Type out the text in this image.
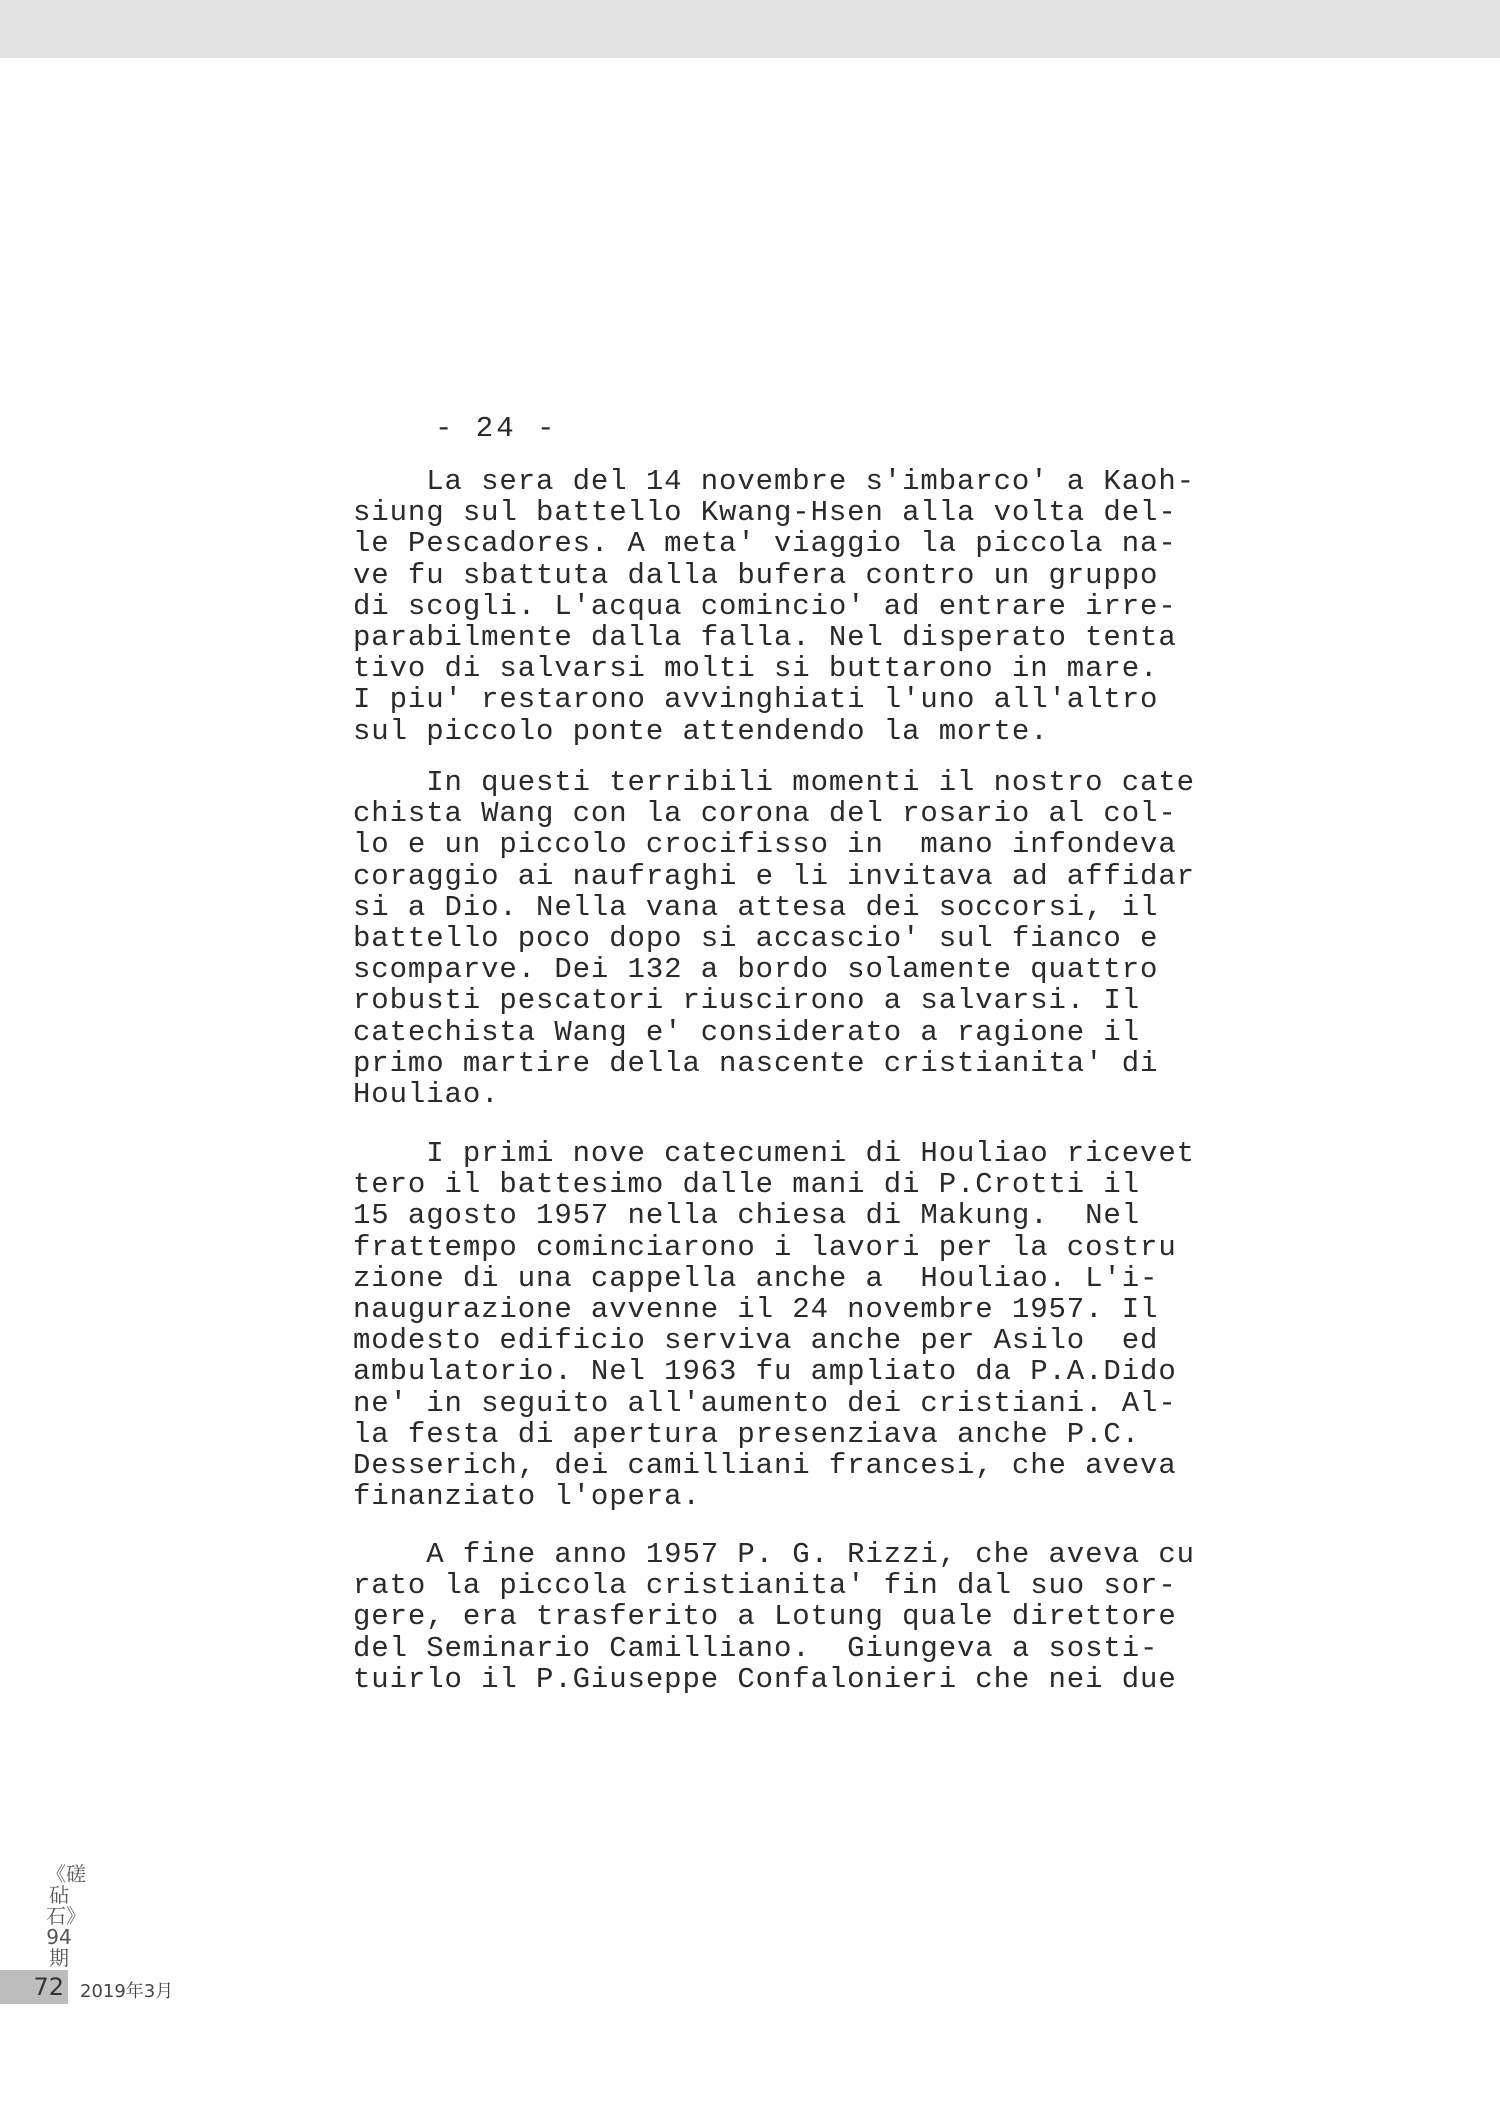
- 24 -
La sera del 14 novembre s'imbarco' a Kaoh-
siung sul battello Kwang-Hsen alla volta del-
le Pescadores. A meta' viaggio la piccola na-
ve fu sbattuta dalla bufera contro un gruppo
di scogli. L'acqua comincio' ad entrare irre-
parabilmente dalla falla. Nel disperato tenta
tivo di salvarsi molti si buttarono in mare.
I piu' restarono avvinghiati l'uno all'altro
sul piccolo ponte attendendo la morte.
In questi terribili momenti il nostro cate
chista Wang con la corona del rosario al col-
lo e un piccolo crocifisso in  mano infondeva
coraggio ai naufraghi e li invitava ad affidar
si a Dio. Nella vana attesa dei soccorsi, il
battello poco dopo si accascio' sul fianco e
scomparve. Dei 132 a bordo solamente quattro
robusti pescatori riuscirono a salvarsi. Il
catechista Wang e' considerato a ragione il
primo martire della nascente cristianita' di
Houliao.
I primi nove catecumeni di Houliao ricevet
tero il battesimo dalle mani di P.Crotti il
15 agosto 1957 nella chiesa di Makung.  Nel
frattempo cominciarono i lavori per la costru
zione di una cappella anche a  Houliao. L'i-
naugurazione avvenne il 24 novembre 1957. Il
modesto edificio serviva anche per Asilo  ed
ambulatorio. Nel 1963 fu ampliato da P.A.Dido
ne' in seguito all'aumento dei cristiani. Al-
la festa di apertura presenziava anche P.C.
Desserich, dei camilliani francesi, che aveva
finanziato l'opera.
A fine anno 1957 P. G. Rizzi, che aveva cu
rato la piccola cristianita' fin dal suo sor-
gere, era trasferito a Lotung quale direttore
del Seminario Camilliano.  Giungeva a sosti-
tuirlo il P.Giuseppe Confalonieri che nei due
《磋砧石》94期
72 2019年3月
